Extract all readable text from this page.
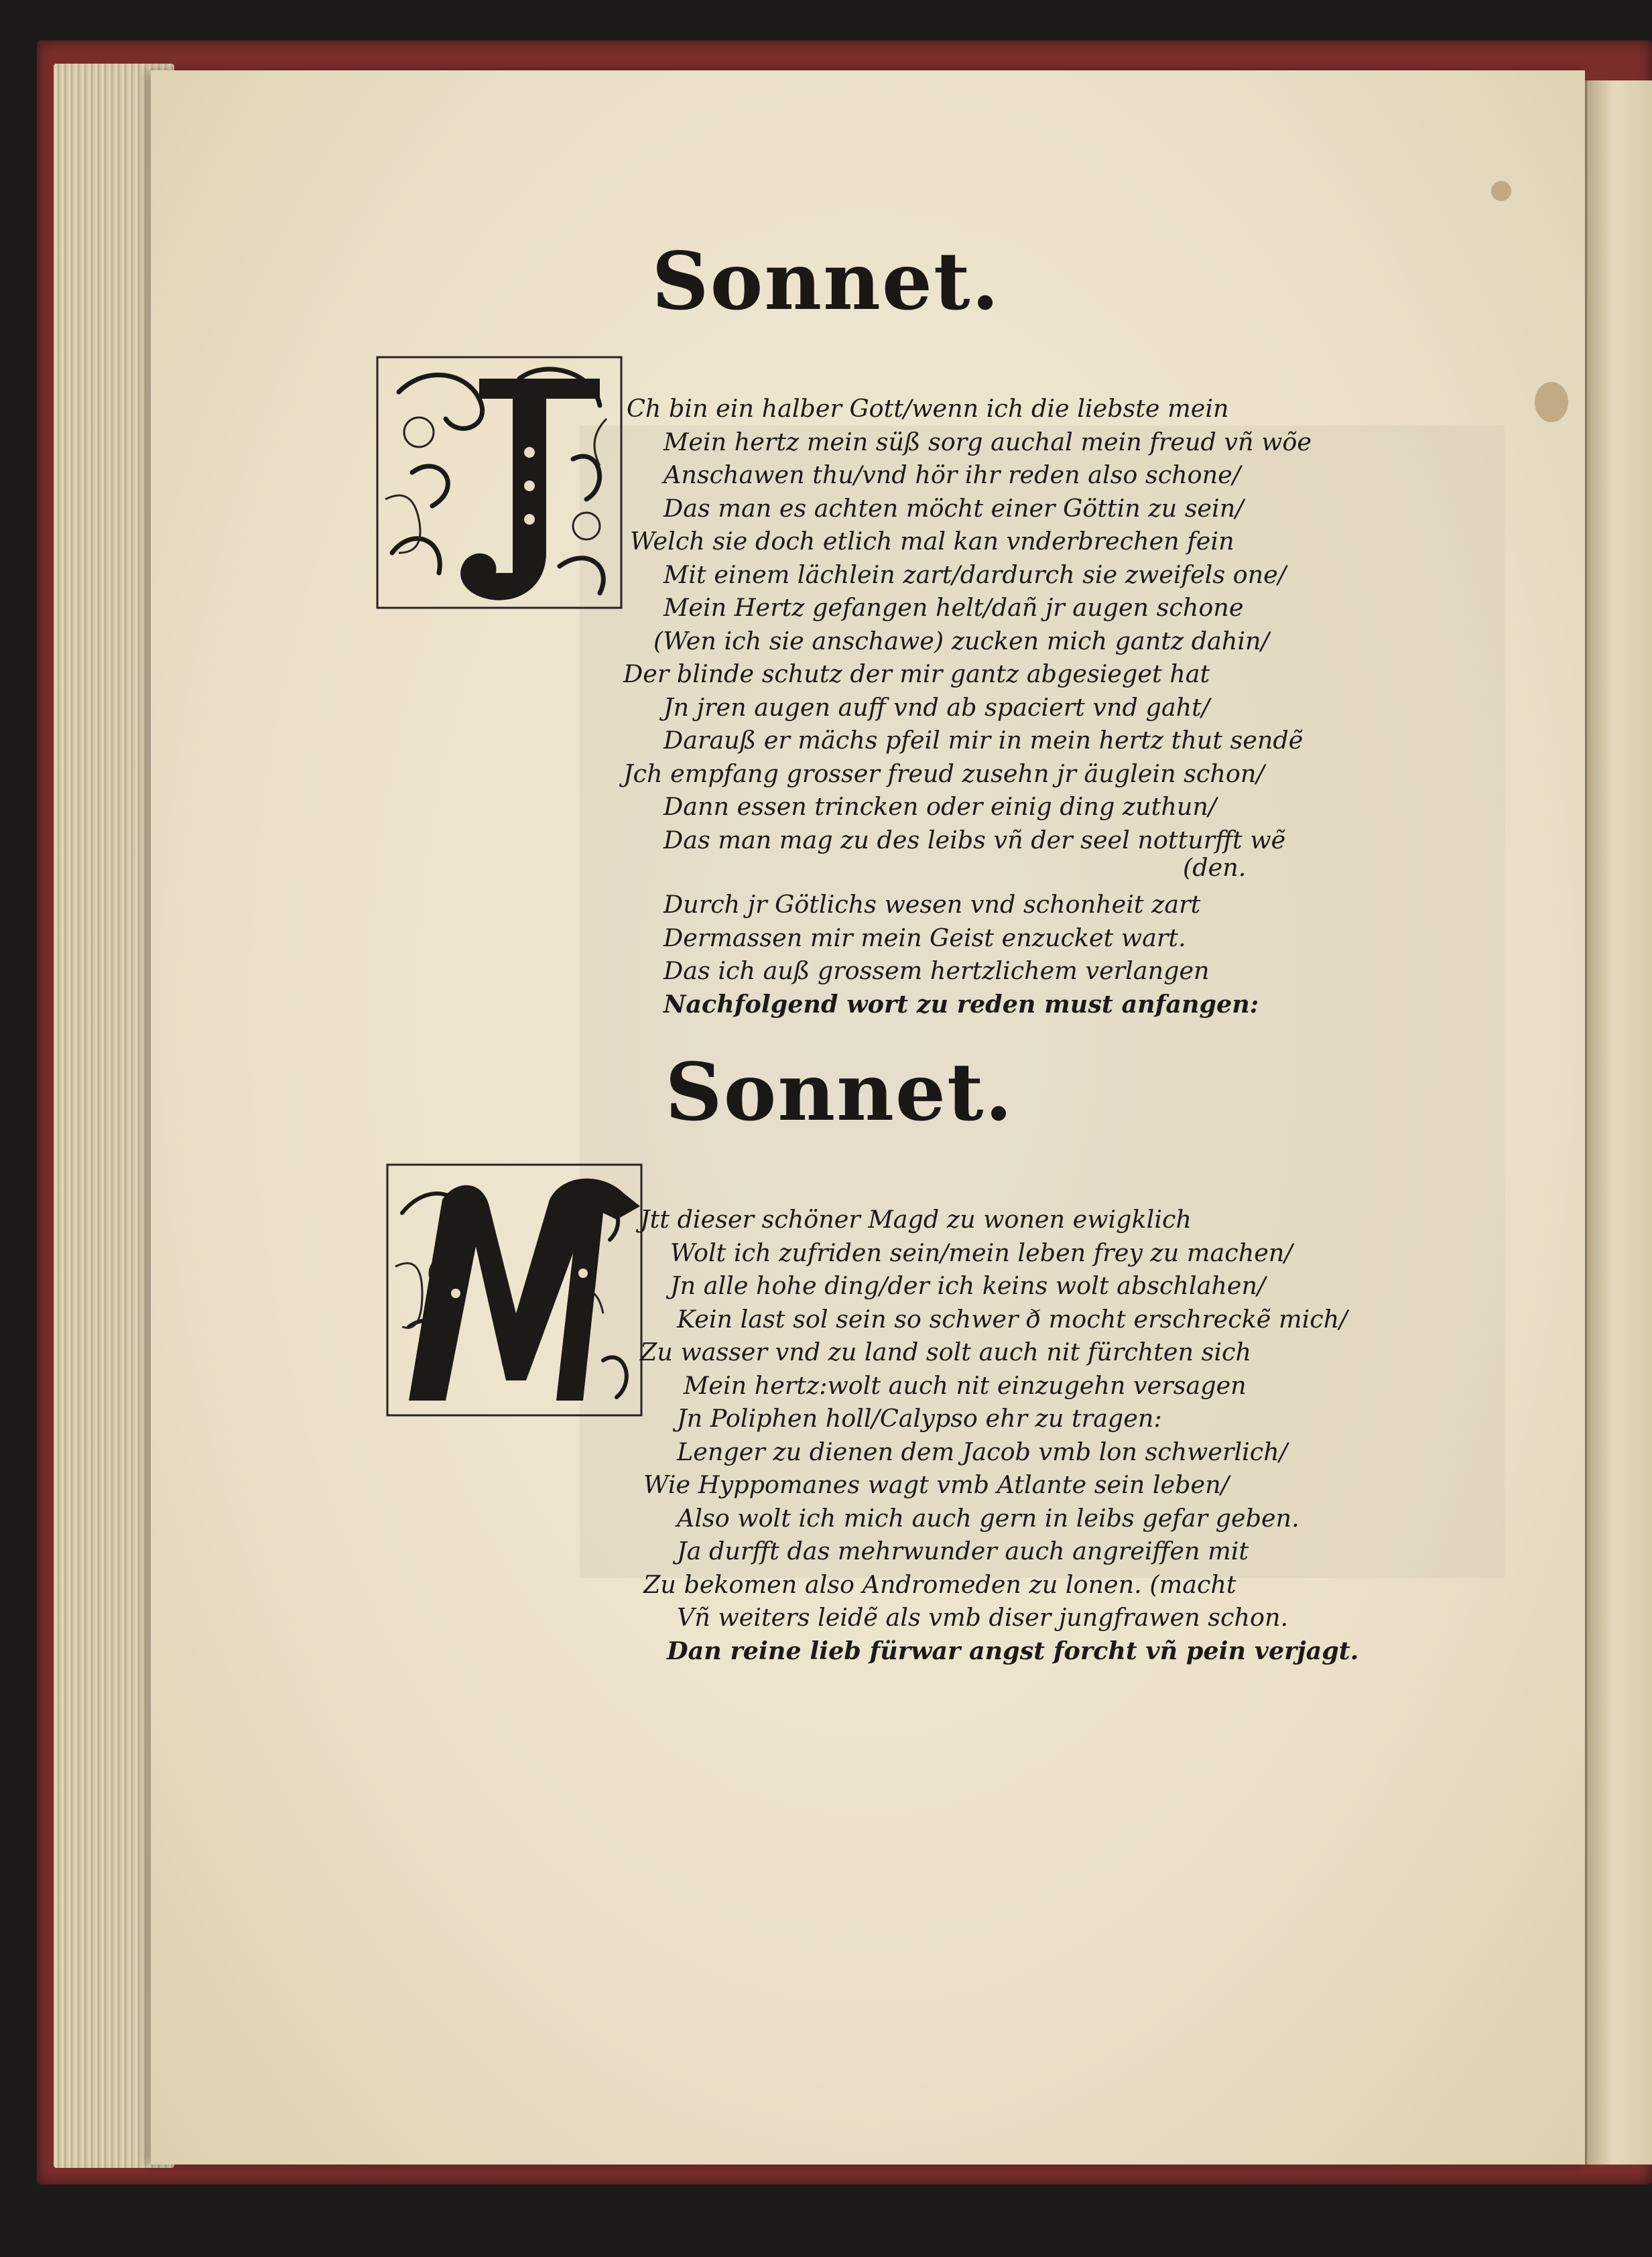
Sonnet.
Ch bin ein halber Gott/wenn ich die liebste mein
Mein hertz mein süß sorg auchal mein freud vñ wõe
Anschawen thu/vnd hör ihr reden also schone/
Das man es achten möcht einer Göttin zu sein/
Welch sie doch etlich mal kan vnderbrechen fein
Mit einem lächlein zart/dardurch sie zweifels one/
Mein Hertz gefangen helt/dañ jr augen schone
(Wen ich sie anschawe) zucken mich gantz dahin/
Der blinde schutz der mir gantz abgesieget hat
Jn jren augen auff vnd ab spaciert vnd gaht/
Darauß er mächs pfeil mir in mein hertz thut sendẽ
Jch empfang grosser freud zusehn jr äuglein schon/
Dann essen trincken oder einig ding zuthun/
Das man mag zu des leibs vñ der seel notturfft wẽ
(den.
Durch jr Götlichs wesen vnd schonheit zart
Dermassen mir mein Geist enzucket wart.
Das ich auß grossem hertzlichem verlangen
Nachfolgend wort zu reden must anfangen:
Sonnet.
Jtt dieser schöner Magd zu wonen ewigklich
Wolt ich zufriden sein/mein leben frey zu machen/
Jn alle hohe ding/der ich keins wolt abschlahen/
Kein last sol sein so schwer ð mocht erschreckẽ mich/
Zu wasser vnd zu land solt auch nit fürchten sich
Mein hertz:wolt auch nit einzugehn versagen
Jn Poliphen holl/Calypso ehr zu tragen:
Lenger zu dienen dem Jacob vmb lon schwerlich/
Wie Hyppomanes wagt vmb Atlante sein leben/
Also wolt ich mich auch gern in leibs gefar geben.
Ja durfft das mehrwunder auch angreiffen mit
Zu bekomen also Andromeden zu lonen. (macht
Vñ weiters leidẽ als vmb diser jungfrawen schon.
Dan reine lieb fürwar angst forcht vñ pein verjagt.
